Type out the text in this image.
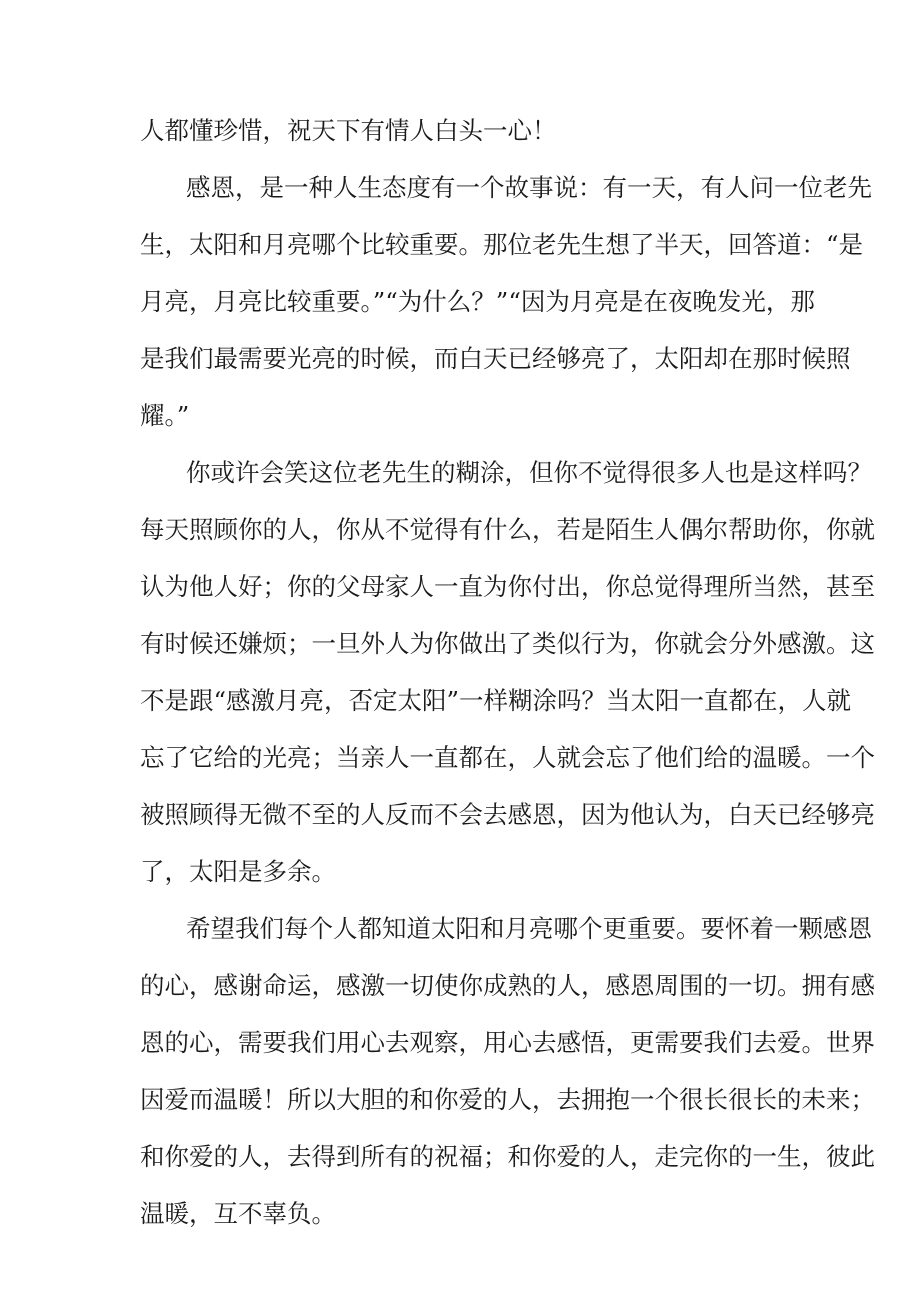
人都懂珍惜，祝天下有情人白头一心！
感恩，是一种人生态度有一个故事说：有一天，有人问一位老先
生，太阳和月亮哪个比较重要。那位老先生想了半天，回答道：“是
月亮，月亮比较重要。”“为什么？”“因为月亮是在夜晚发光，那
是我们最需要光亮的时候，而白天已经够亮了，太阳却在那时候照
耀。”
你或许会笑这位老先生的糊涂，但你不觉得很多人也是这样吗？
每天照顾你的人，你从不觉得有什么，若是陌生人偶尔帮助你，你就
认为他人好；你的父母家人一直为你付出，你总觉得理所当然，甚至
有时候还嫌烦；一旦外人为你做出了类似行为，你就会分外感激。这
不是跟“感激月亮，否定太阳”一样糊涂吗？当太阳一直都在，人就
忘了它给的光亮；当亲人一直都在，人就会忘了他们给的温暖。一个
被照顾得无微不至的人反而不会去感恩，因为他认为，白天已经够亮
了，太阳是多余。
希望我们每个人都知道太阳和月亮哪个更重要。要怀着一颗感恩
的心，感谢命运，感激一切使你成熟的人，感恩周围的一切。拥有感
恩的心，需要我们用心去观察，用心去感悟，更需要我们去爱。世界
因爱而温暖！所以大胆的和你爱的人，去拥抱一个很长很长的未来；
和你爱的人，去得到所有的祝福；和你爱的人，走完你的一生，彼此
温暖，互不辜负。
